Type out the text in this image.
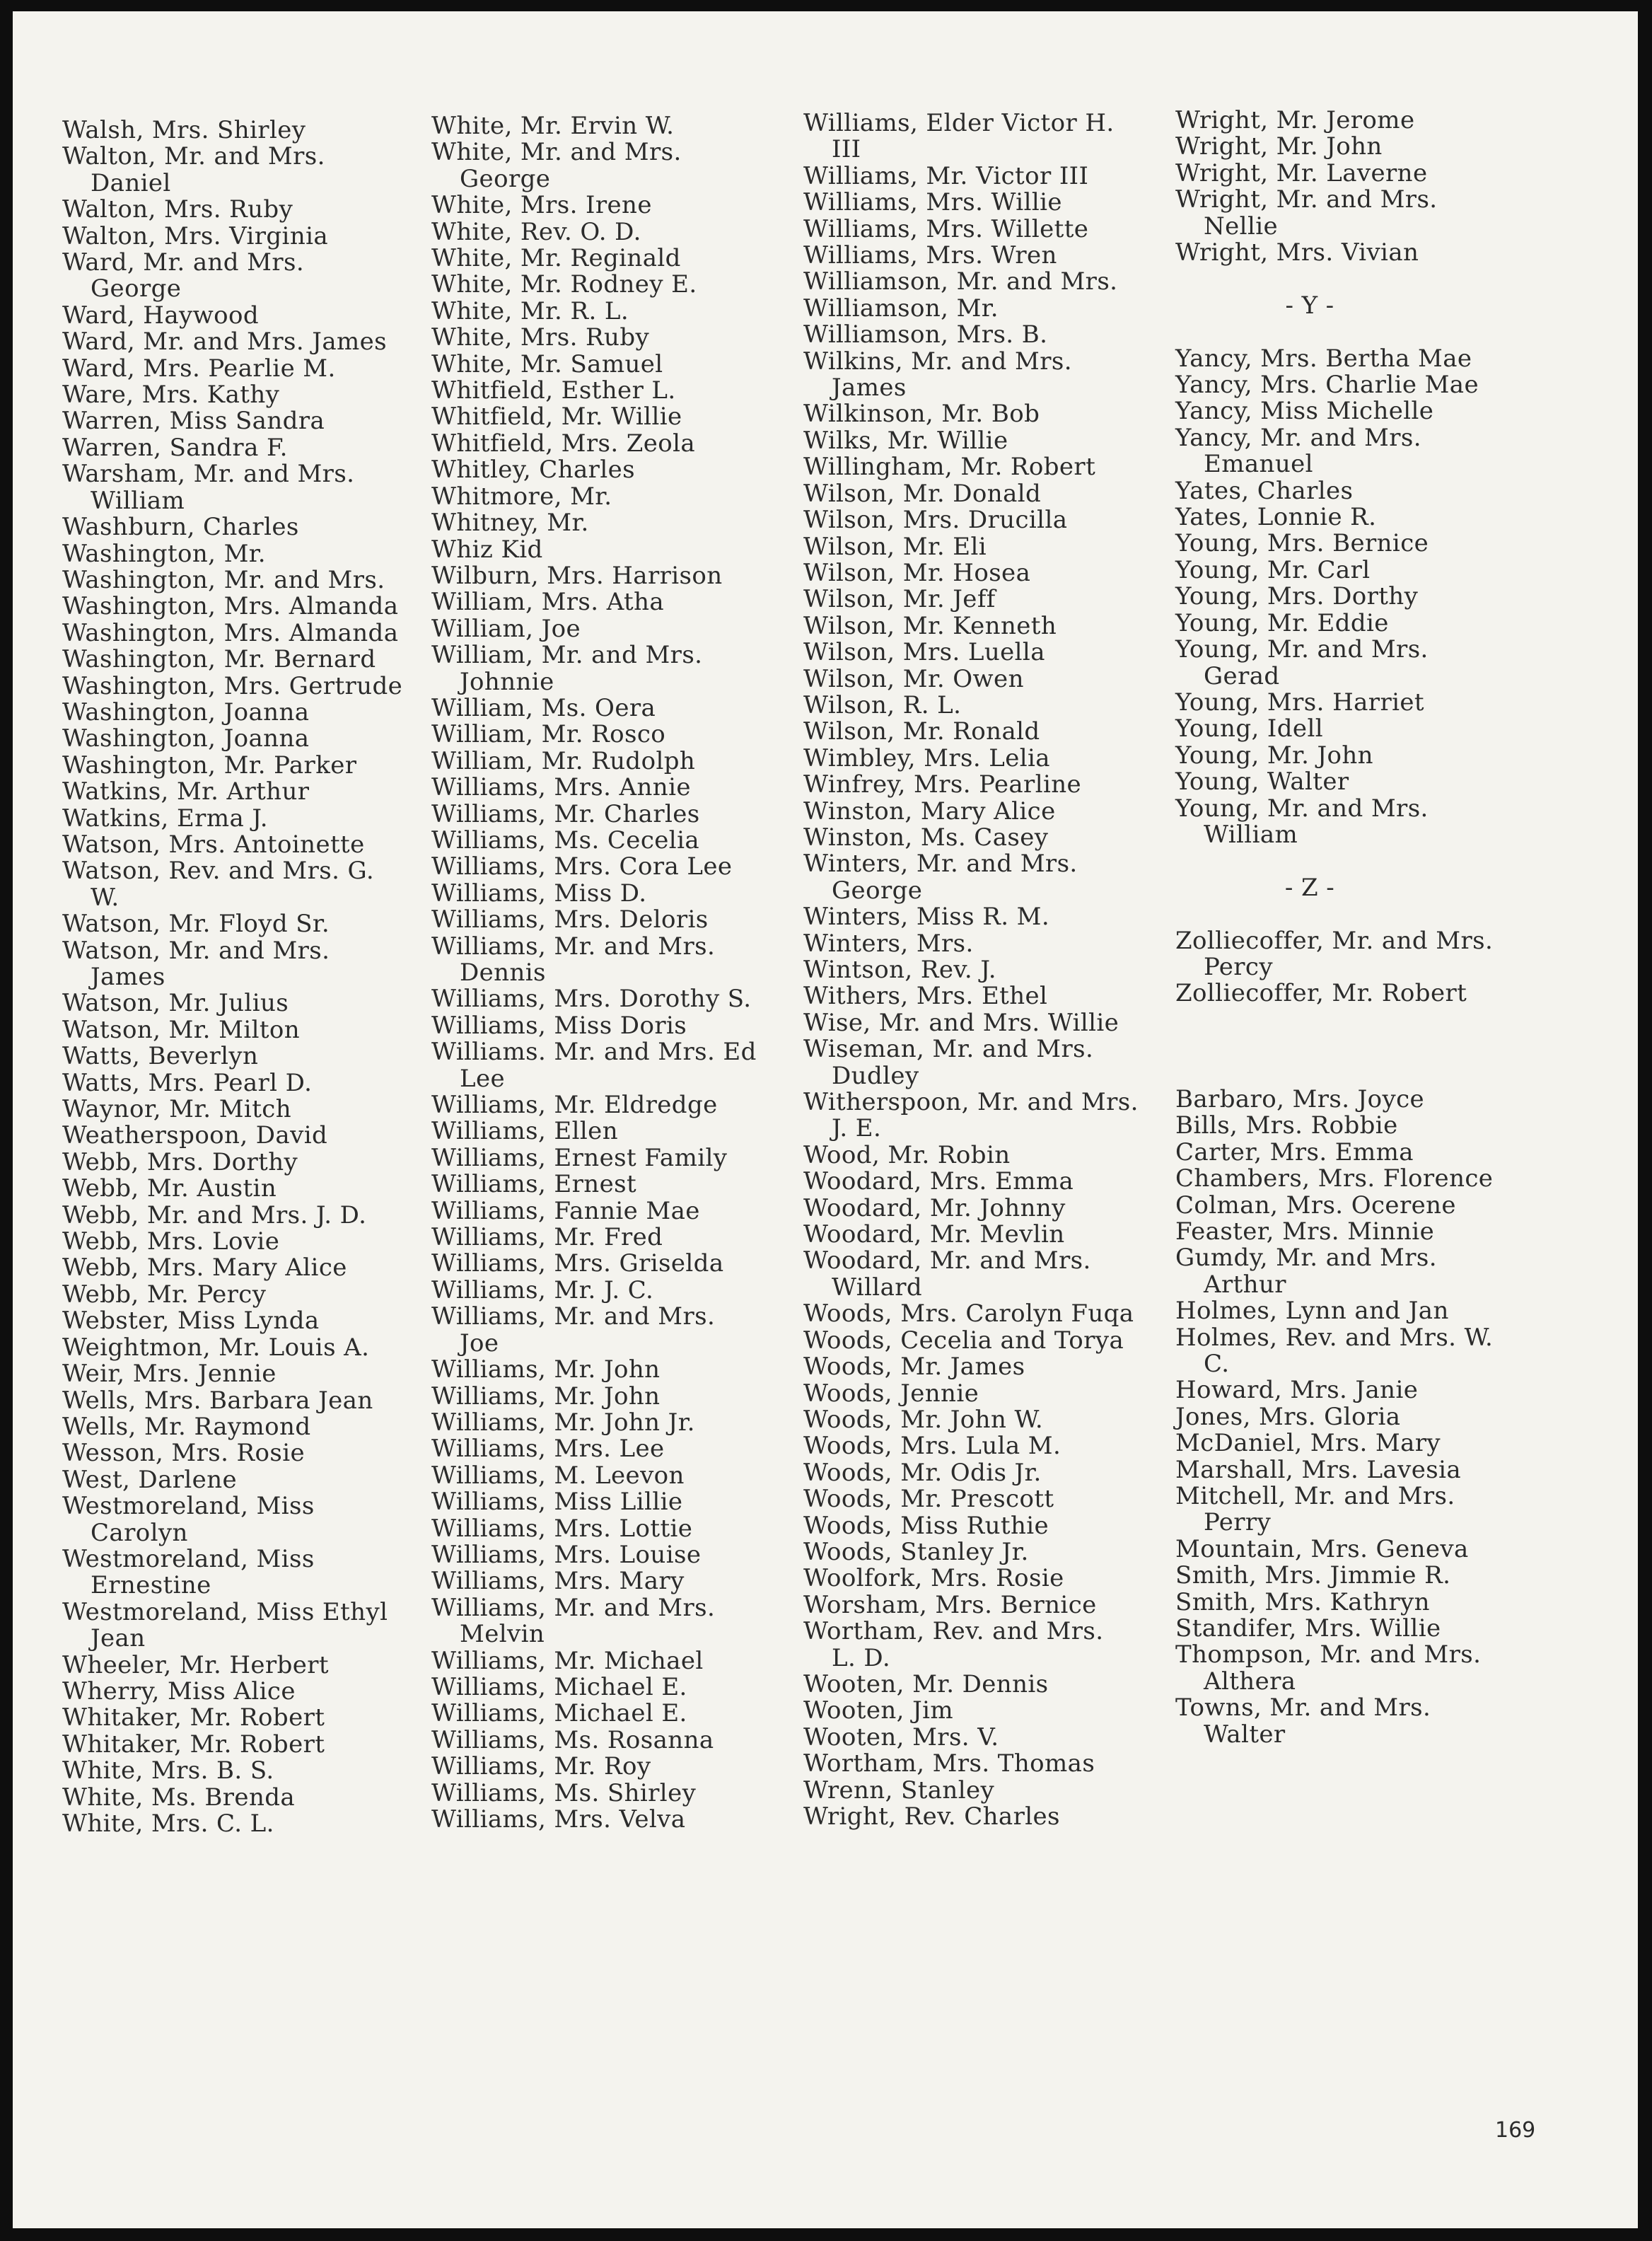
Walsh, Mrs. Shirley
Walton, Mr. and Mrs.
Daniel
Walton, Mrs. Ruby
Walton, Mrs. Virginia
Ward, Mr. and Mrs.
George
Ward, Haywood
Ward, Mr. and Mrs. James
Ward, Mrs. Pearlie M.
Ware, Mrs. Kathy
Warren, Miss Sandra
Warren, Sandra F.
Warsham, Mr. and Mrs.
William
Washburn, Charles
Washington, Mr.
Washington, Mr. and Mrs.
Washington, Mrs. Almanda
Washington, Mrs. Almanda
Washington, Mr. Bernard
Washington, Mrs. Gertrude
Washington, Joanna
Washington, Joanna
Washington, Mr. Parker
Watkins, Mr. Arthur
Watkins, Erma J.
Watson, Mrs. Antoinette
Watson, Rev. and Mrs. G.
W.
Watson, Mr. Floyd Sr.
Watson, Mr. and Mrs.
James
Watson, Mr. Julius
Watson, Mr. Milton
Watts, Beverlyn
Watts, Mrs. Pearl D.
Waynor, Mr. Mitch
Weatherspoon, David
Webb, Mrs. Dorthy
Webb, Mr. Austin
Webb, Mr. and Mrs. J. D.
Webb, Mrs. Lovie
Webb, Mrs. Mary Alice
Webb, Mr. Percy
Webster, Miss Lynda
Weightmon, Mr. Louis A.
Weir, Mrs. Jennie
Wells, Mrs. Barbara Jean
Wells, Mr. Raymond
Wesson, Mrs. Rosie
West, Darlene
Westmoreland, Miss
Carolyn
Westmoreland, Miss
Ernestine
Westmoreland, Miss Ethyl
Jean
Wheeler, Mr. Herbert
Wherry, Miss Alice
Whitaker, Mr. Robert
Whitaker, Mr. Robert
White, Mrs. B. S.
White, Ms. Brenda
White, Mrs. C. L.
White, Mr. Ervin W.
White, Mr. and Mrs.
George
White, Mrs. Irene
White, Rev. O. D.
White, Mr. Reginald
White, Mr. Rodney E.
White, Mr. R. L.
White, Mrs. Ruby
White, Mr. Samuel
Whitfield, Esther L.
Whitfield, Mr. Willie
Whitfield, Mrs. Zeola
Whitley, Charles
Whitmore, Mr.
Whitney, Mr.
Whiz Kid
Wilburn, Mrs. Harrison
William, Mrs. Atha
William, Joe
William, Mr. and Mrs.
Johnnie
William, Ms. Oera
William, Mr. Rosco
William, Mr. Rudolph
Williams, Mrs. Annie
Williams, Mr. Charles
Williams, Ms. Cecelia
Williams, Mrs. Cora Lee
Williams, Miss D.
Williams, Mrs. Deloris
Williams, Mr. and Mrs.
Dennis
Williams, Mrs. Dorothy S.
Williams, Miss Doris
Williams. Mr. and Mrs. Ed
Lee
Williams, Mr. Eldredge
Williams, Ellen
Williams, Ernest Family
Williams, Ernest
Williams, Fannie Mae
Williams, Mr. Fred
Williams, Mrs. Griselda
Williams, Mr. J. C.
Williams, Mr. and Mrs.
Joe
Williams, Mr. John
Williams, Mr. John
Williams, Mr. John Jr.
Williams, Mrs. Lee
Williams, M. Leevon
Williams, Miss Lillie
Williams, Mrs. Lottie
Williams, Mrs. Louise
Williams, Mrs. Mary
Williams, Mr. and Mrs.
Melvin
Williams, Mr. Michael
Williams, Michael E.
Williams, Michael E.
Williams, Ms. Rosanna
Williams, Mr. Roy
Williams, Ms. Shirley
Williams, Mrs. Velva
Williams, Elder Victor H.
III
Williams, Mr. Victor III
Williams, Mrs. Willie
Williams, Mrs. Willette
Williams, Mrs. Wren
Williamson, Mr. and Mrs.
Williamson, Mr.
Williamson, Mrs. B.
Wilkins, Mr. and Mrs.
James
Wilkinson, Mr. Bob
Wilks, Mr. Willie
Willingham, Mr. Robert
Wilson, Mr. Donald
Wilson, Mrs. Drucilla
Wilson, Mr. Eli
Wilson, Mr. Hosea
Wilson, Mr. Jeff
Wilson, Mr. Kenneth
Wilson, Mrs. Luella
Wilson, Mr. Owen
Wilson, R. L.
Wilson, Mr. Ronald
Wimbley, Mrs. Lelia
Winfrey, Mrs. Pearline
Winston, Mary Alice
Winston, Ms. Casey
Winters, Mr. and Mrs.
George
Winters, Miss R. M.
Winters, Mrs.
Wintson, Rev. J.
Withers, Mrs. Ethel
Wise, Mr. and Mrs. Willie
Wiseman, Mr. and Mrs.
Dudley
Witherspoon, Mr. and Mrs.
J. E.
Wood, Mr. Robin
Woodard, Mrs. Emma
Woodard, Mr. Johnny
Woodard, Mr. Mevlin
Woodard, Mr. and Mrs.
Willard
Woods, Mrs. Carolyn Fuqa
Woods, Cecelia and Torya
Woods, Mr. James
Woods, Jennie
Woods, Mr. John W.
Woods, Mrs. Lula M.
Woods, Mr. Odis Jr.
Woods, Mr. Prescott
Woods, Miss Ruthie
Woods, Stanley Jr.
Woolfork, Mrs. Rosie
Worsham, Mrs. Bernice
Wortham, Rev. and Mrs.
L. D.
Wooten, Mr. Dennis
Wooten, Jim
Wooten, Mrs. V.
Wortham, Mrs. Thomas
Wrenn, Stanley
Wright, Rev. Charles
Wright, Mr. Jerome
Wright, Mr. John
Wright, Mr. Laverne
Wright, Mr. and Mrs.
Nellie
Wright, Mrs. Vivian
- Y -
Yancy, Mrs. Bertha Mae
Yancy, Mrs. Charlie Mae
Yancy, Miss Michelle
Yancy, Mr. and Mrs.
Emanuel
Yates, Charles
Yates, Lonnie R.
Young, Mrs. Bernice
Young, Mr. Carl
Young, Mrs. Dorthy
Young, Mr. Eddie
Young, Mr. and Mrs.
Gerad
Young, Mrs. Harriet
Young, Idell
Young, Mr. John
Young, Walter
Young, Mr. and Mrs.
William
- Z -
Zolliecoffer, Mr. and Mrs.
Percy
Zolliecoffer, Mr. Robert
Barbaro, Mrs. Joyce
Bills, Mrs. Robbie
Carter, Mrs. Emma
Chambers, Mrs. Florence
Colman, Mrs. Ocerene
Feaster, Mrs. Minnie
Gumdy, Mr. and Mrs.
Arthur
Holmes, Lynn and Jan
Holmes, Rev. and Mrs. W.
C.
Howard, Mrs. Janie
Jones, Mrs. Gloria
McDaniel, Mrs. Mary
Marshall, Mrs. Lavesia
Mitchell, Mr. and Mrs.
Perry
Mountain, Mrs. Geneva
Smith, Mrs. Jimmie R.
Smith, Mrs. Kathryn
Standifer, Mrs. Willie
Thompson, Mr. and Mrs.
Althera
Towns, Mr. and Mrs.
Walter
169
